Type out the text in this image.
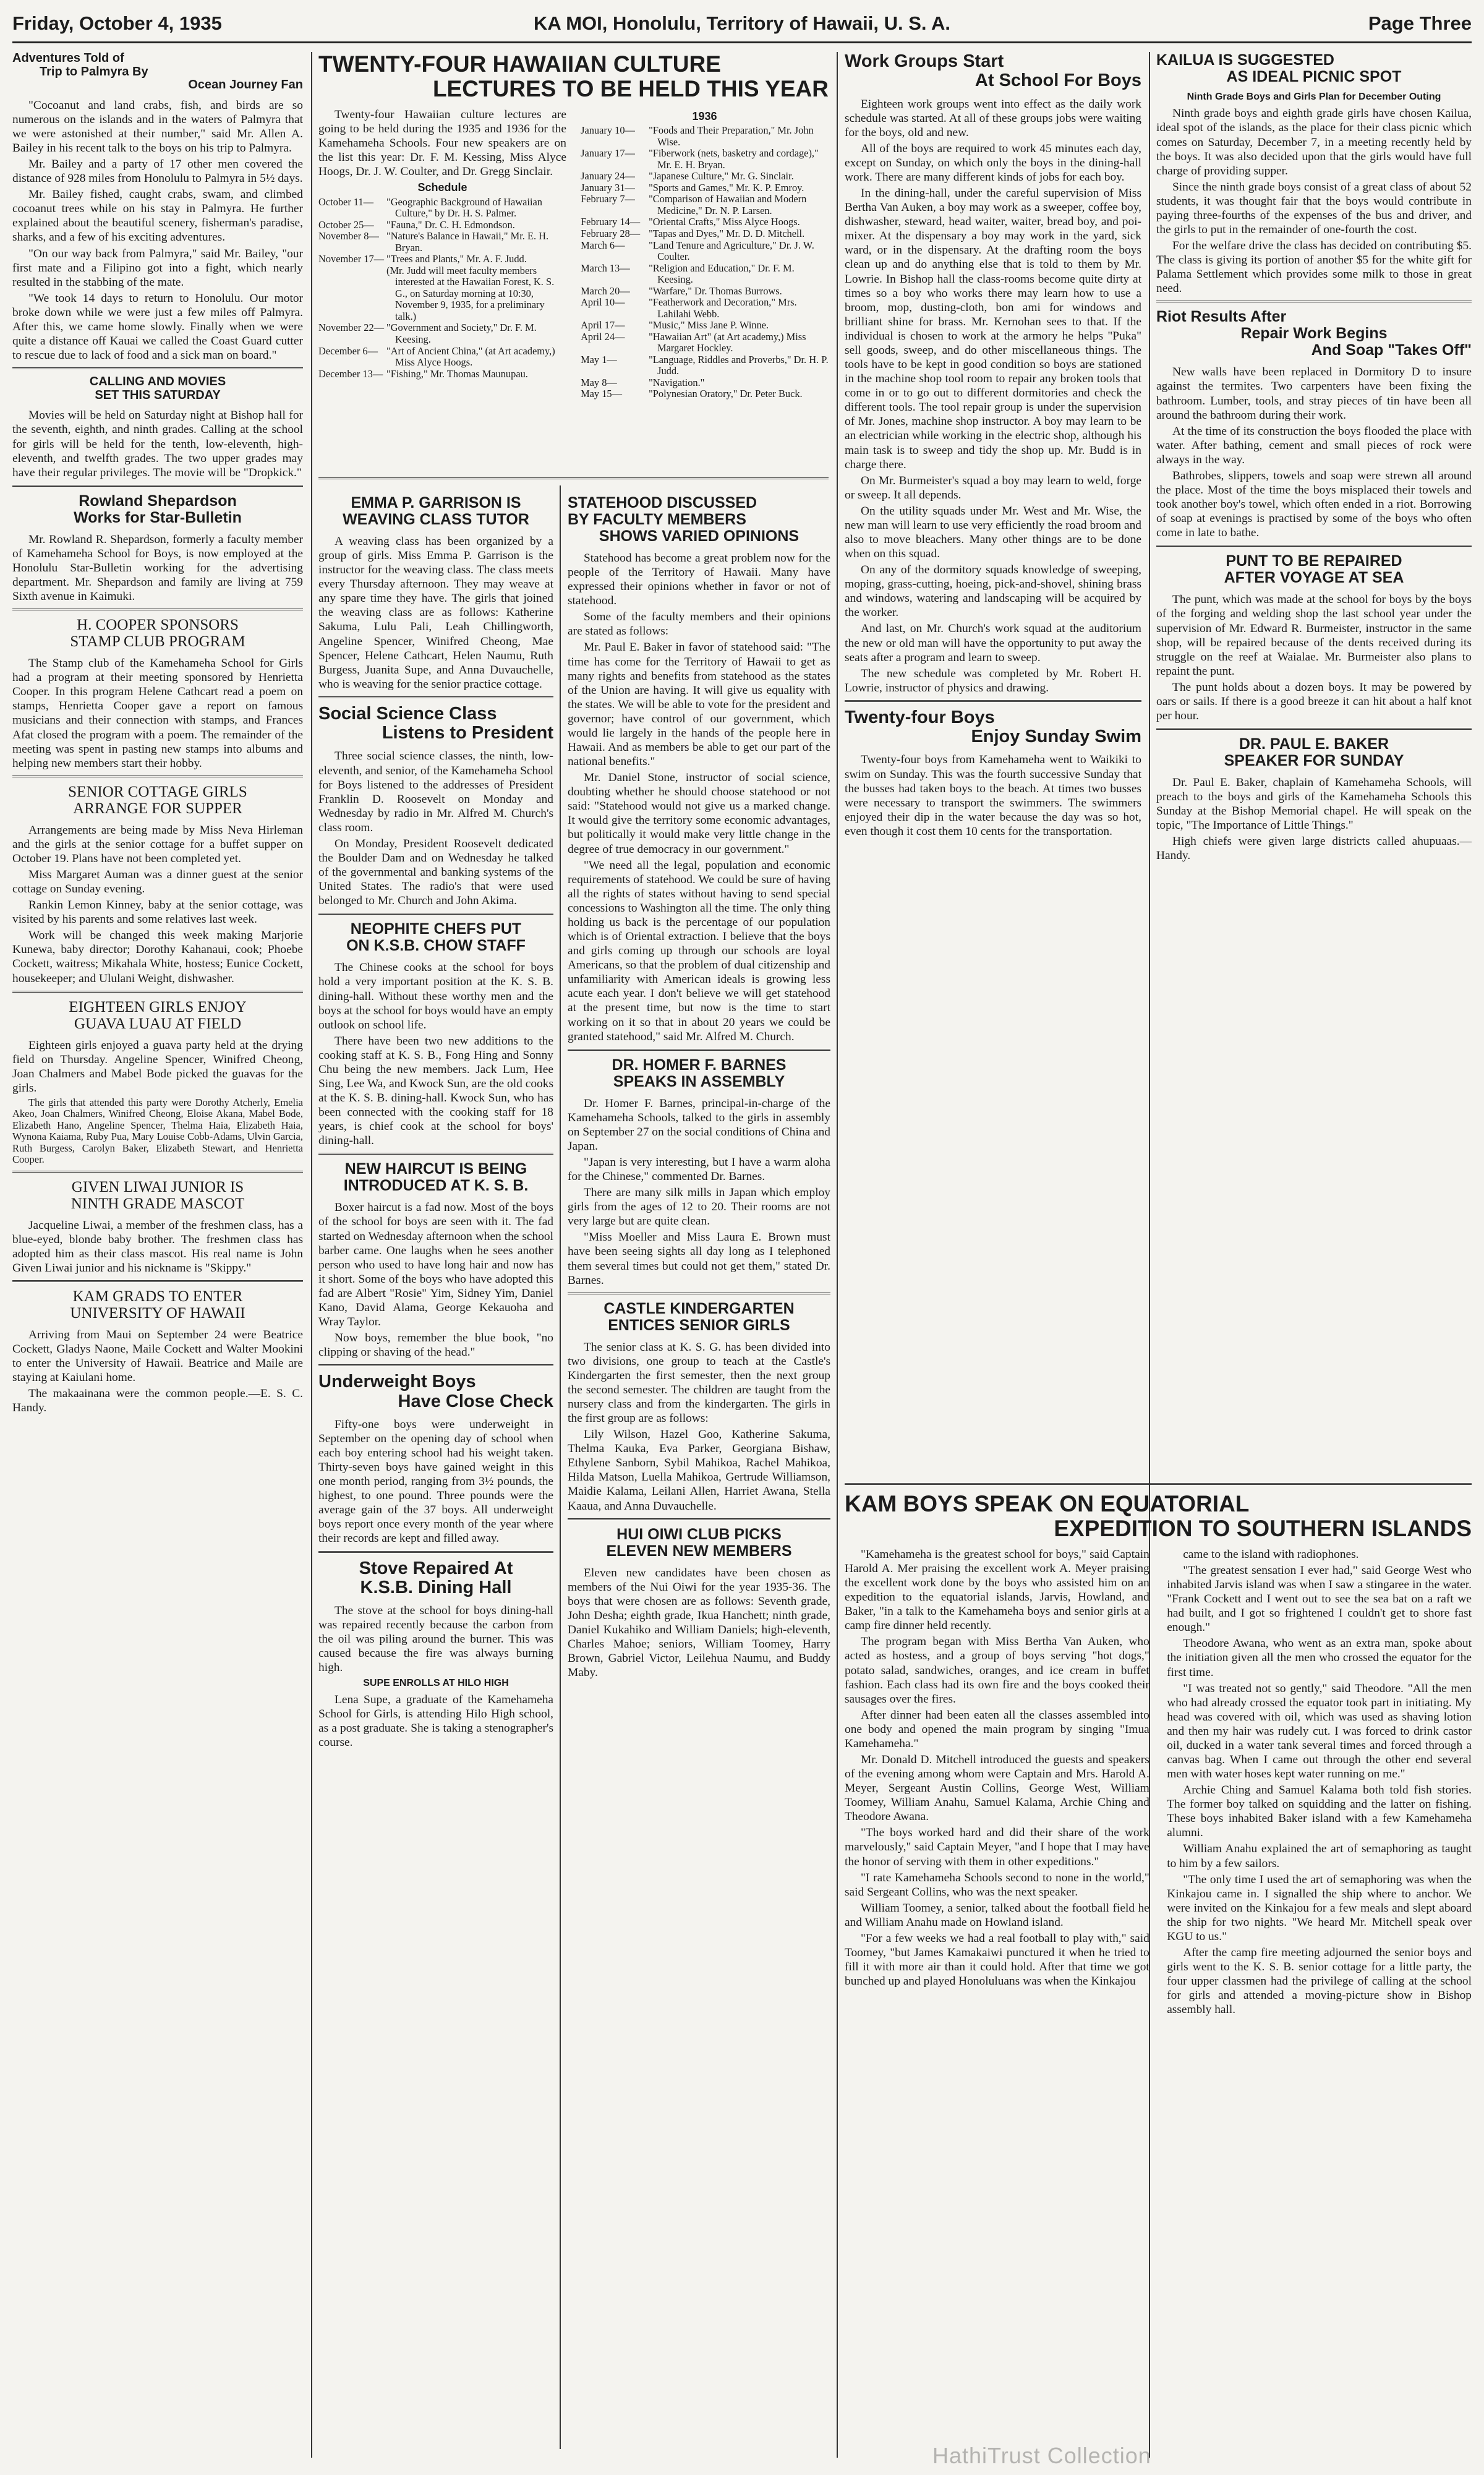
Friday, October 4, 1935	KA MOI, Honolulu, Territory of Hawaii, U. S. A.	Page Three
Adventures Told of
Trip to Palmyra By
Ocean Journey Fan

"Cocoanut and land crabs, fish, and birds are so numerous on the islands and in the waters of Palmyra that we were astonished at their number," said Mr. Allen A. Bailey in his recent talk to the boys on his trip to Palmyra.

Mr. Bailey and a party of 17 other men covered the distance of 928 miles from Honolulu to Palmyra in 5½ days.

Mr. Bailey fished, caught crabs, swam, and climbed cocoanut trees while on his stay in Palmyra. He further explained about the beautiful scenery, fisherman's paradise, sharks, and a few of his exciting adventures.

"On our way back from Palmyra," said Mr. Bailey, "our first mate and a Filipino got into a fight, which nearly resulted in the stabbing of the mate.

"We took 14 days to return to Honolulu. Our motor broke down while we were just a few miles off Palmyra. After this, we came home slowly. Finally when we were quite a distance off Kauai we called the Coast Guard cutter to rescue due to lack of food and a sick man on board."

CALLING AND MOVIES
SET THIS SATURDAY

Movies will be held on Saturday night at Bishop hall for the seventh, eighth, and ninth grades. Calling at the school for girls will be held for the tenth, low-eleventh, high- eleventh, and twelfth grades. The two upper grades may have their regular privileges. The movie will be "Dropkick."

Rowland Shepardson
Works for Star-Bulletin

Mr. Rowland R. Shepardson, formerly a faculty member of Kamehameha School for Boys, is now employed at the Honolulu Star-Bulletin working for the advertising department. Mr. Shepardson and family are living at 759 Sixth avenue in Kaimuki.

H. COOPER SPONSORS
STAMP CLUB PROGRAM

The Stamp club of the Kamehameha School for Girls had a program at their meeting sponsored by Henrietta Cooper. In this program Helene Cathcart read a poem on stamps, Henrietta Cooper gave a report on famous musicians and their connection with stamps, and Frances Afat closed the program with a poem. The remainder of the meeting was spent in pasting new stamps into albums and helping new members start their hobby.

SENIOR COTTAGE GIRLS
ARRANGE FOR SUPPER

Arrangements are being made by Miss Neva Hirleman and the girls at the senior cottage for a buffet supper on October 19. Plans have not been completed yet.

Miss Margaret Auman was a dinner guest at the senior cottage on Sunday evening.

Rankin Lemon Kinney, baby at the senior cottage, was visited by his parents and some relatives last week.

Work will be changed this week making Marjorie Kunewa, baby director; Dorothy Kahanaui, cook; Phoebe Cockett, waitress; Mikahala White, hostess; Eunice Cockett, housekeeper; and Ululani Weight, dishwasher.

EIGHTEEN GIRLS ENJOY
GUAVA LUAU AT FIELD

Eighteen girls enjoyed a guava party held at the drying field on Thursday. Angeline Spencer, Winifred Cheong, Joan Chalmers and Mabel Bode picked the guavas for the girls.

The girls that attended this party were Dorothy Atcherly, Emelia Akeo, Joan Chalmers, Winifred Cheong, Eloise Akana, Mabel Bode, Elizabeth Hano, Angeline Spencer, Thelma Haia, Elizabeth Haia, Wynona Kaiama, Ruby Pua, Mary Louise Cobb-Adams, Ulvin Garcia, Ruth Burgess, Carolyn Baker, Elizabeth Stewart, and Henrietta Cooper.

GIVEN LIWAI JUNIOR IS
NINTH GRADE MASCOT

Jacqueline Liwai, a member of the freshmen class, has a blue-eyed, blonde baby brother. The freshmen class has adopted him as their class mascot. His real name is John Given Liwai junior and his nickname is "Skippy."

KAM GRADS TO ENTER
UNIVERSITY OF HAWAII

Arriving from Maui on September 24 were Beatrice Cockett, Gladys Naone, Maile Cockett and Walter Mookini to enter the University of Hawaii. Beatrice and Maile are staying at Kaiulani home.

The makaainana were the common people.—E. S. C. Handy.

TWENTY-FOUR HAWAIIAN CULTURE
LECTURES TO BE HELD THIS YEAR

Twenty-four Hawaiian culture lectures are going to be held during the 1935 and 1936 for the Kamehameha Schools. Four new speakers are on the list this year: Dr. F. M. Kessing, Miss Alyce Hoogs, Dr. J. W. Coulter, and Dr. Gregg Sinclair.

Schedule
October 11—	"Geographic Background of Hawaiian Culture," by Dr. H. S. Palmer.
October 25—	"Fauna," Dr. C. H. Edmondson.
November 8— "Nature's Balance in Hawaii," Mr. E. H. Bryan.
November 17— "Trees and Plants," Mr. A. F. Judd.
(Mr. Judd will meet faculty members interested at the Hawaiian Forest, K. S. G., on Saturday morning at 10:30, November 9, 1935, for a preliminary talk.)
November 22— "Government and Society," Dr. F. M. Keesing.
December 6— "Art of Ancient China," (at Art academy,) Miss Alyce Hoogs.
December 13— "Fishing," Mr. Thomas Maunupau.
1936
January 10—	"Foods and Their Preparation," Mr. John Wise.
January 17—	"Fiberwork (nets, basketry and cordage)," Mr. E. H. Bryan.
January 24—	"Japanese Culture," Mr. G. Sinclair.
January 31—	"Sports and Games," Mr. K. P. Emroy.
February 7—	"Comparison of Hawaiian and Modern Medicine," Dr. N. P. Larsen.
February 14— "Oriental Crafts," Miss Alyce Hoogs.
February 28— "Tapas and Dyes," Mr. D. D. Mitchell.
March 6—	"Land Tenure and Agriculture," Dr. J. W. Coulter.
March 13—	"Religion and Education," Dr. F. M. Keesing.
March 20—	"Warfare," Dr. Thomas Burrows.
April 10—	"Featherwork and Decoration," Mrs. Lahilahi Webb.
April 17—	"Music," Miss Jane P. Winne.
April 24—	"Hawaiian Art" (at Art academy,) Miss Margaret Hockley.
May 1—	"Language, Riddles and Proverbs," Dr. H. P. Judd.
May 8—	"Navigation."
May 15—	"Polynesian Oratory," Dr. Peter Buck.
EMMA P. GARRISON IS
WEAVING CLASS TUTOR

A weaving class has been organized by a group of girls. Miss Emma P. Garrison is the instructor for the weaving class. The class meets every Thursday afternoon. They may weave at any spare time they have. The girls that joined the weaving class are as follows: Katherine Sakuma, Lulu Pali, Leah Chillingworth, Angeline Spencer, Winifred Cheong, Mae Spencer, Helene Cathcart, Helen Naumu, Ruth Burgess, Juanita Supe, and Anna Duvauchelle, who is weaving for the senior practice cottage.

Social Science Class
Listens to President

Three social science classes, the ninth, low-eleventh, and senior, of the Kamehameha School for Boys listened to the addresses of President Franklin D. Roosevelt on Monday and Wednesday by radio in Mr. Alfred M. Church's class room.

On Monday, President Roosevelt dedicated the Boulder Dam and on Wednesday he talked of the governmental and banking systems of the United States. The radio's that were used belonged to Mr. Church and John Akima.

NEOPHITE CHEFS PUT
ON K.S.B. CHOW STAFF

The Chinese cooks at the school for boys hold a very important position at the K. S. B. dining-hall. Without these worthy men and the boys at the school for boys would have an empty outlook on school life.

There have been two new additions to the cooking staff at K. S. B., Fong Hing and Sonny Chu being the new members. Jack Lum, Hee Sing, Lee Wa, and Kwock Sun, are the old cooks at the K. S. B. dining-hall. Kwock Sun, who has been connected with the cooking staff for 18 years, is chief cook at the school for boys' dining-hall.

NEW HAIRCUT IS BEING
INTRODUCED AT K. S. B.

Boxer haircut is a fad now. Most of the boys of the school for boys are seen with it. The fad started on Wednesday afternoon when the school barber came. One laughs when he sees another person who used to have long hair and now has it short. Some of the boys who have adopted this fad are Albert "Rosie" Yim, Sidney Yim, Daniel Kano, David Alama, George Kekauoha and Wray Taylor.

Now boys, remember the blue book, "no clipping or shaving of the head."

Underweight Boys
Have Close Check

Fifty-one boys were underweight in September on the opening day of school when each boy entering school had his weight taken. Thirty-seven boys have gained weight in this one month period, ranging from 3½ pounds, the highest, to one pound. Three pounds were the average gain of the 37 boys. All underweight boys report once every month of the year where their records are kept and filled away.

Stove Repaired At
K.S.B. Dining Hall

The stove at the school for boys dining-hall was repaired recently because the carbon from the oil was piling around the burner. This was caused because the fire was always burning high.

SUPE ENROLLS AT HILO HIGH

Lena Supe, a graduate of the Kamehameha School for Girls, is attending Hilo High school, as a post graduate. She is taking a stenographer's course.

STATEHOOD DISCUSSED
BY FACULTY MEMBERS
SHOWS VARIED OPINIONS

Statehood has become a great problem now for the people of the Territory of Hawaii. Many have expressed their opinions whether in favor or not of statehood.

Some of the faculty members and their opinions are stated as follows:

Mr. Paul E. Baker in favor of statehood said: "The time has come for the Territory of Hawaii to get as many rights and benefits from statehood as the states of the Union are having. It will give us equality with the states. We will be able to vote for the president and governor; have control of our government, which would lie largely in the hands of the people here in Hawaii. And as members be able to get our part of the national benefits."

Mr. Daniel Stone, instructor of social science, doubting whether he should choose statehood or not said: "Statehood would not give us a marked change. It would give the territory some economic advantages, but politically it would make very little change in the degree of true democracy in our government."

"We need all the legal, population and economic requirements of statehood. We could be sure of having all the rights of states without having to send special concessions to Washington all the time. The only thing holding us back is the percentage of our population which is of Oriental extraction. I believe that the boys and girls coming up through our schools are loyal Americans, so that the problem of dual citizenship and unfamiliarity with American ideals is growing less acute each year. I don't believe we will get statehood at the present time, but now is the time to start working on it so that in about 20 years we could be granted statehood," said Mr. Alfred M. Church.

DR. HOMER F. BARNES
SPEAKS IN ASSEMBLY

Dr. Homer F. Barnes, principal-in-charge of the Kamehameha Schools, talked to the girls in assembly on September 27 on the social conditions of China and Japan.

"Japan is very interesting, but I have a warm aloha for the Chinese," commented Dr. Barnes.

There are many silk mills in Japan which employ girls from the ages of 12 to 20. Their rooms are not very large but are quite clean.

"Miss Moeller and Miss Laura E. Brown must have been seeing sights all day long as I telephoned them several times but could not get them," stated Dr. Barnes.

CASTLE KINDERGARTEN
ENTICES SENIOR GIRLS

The senior class at K. S. G. has been divided into two divisions, one group to teach at the Castle's Kindergarten the first semester, then the next group the second semester. The children are taught from the nursery class and from the kindergarten. The girls in the first group are as follows:

Lily Wilson, Hazel Goo, Katherine Sakuma, Thelma Kauka, Eva Parker, Georgiana Bishaw, Ethylene Sanborn, Sybil Mahikoa, Rachel Mahikoa, Hilda Matson, Luella Mahikoa, Gertrude Williamson, Maidie Kalama, Leilani Allen, Harriet Awana, Stella Kaaua, and Anna Duvauchelle.

HUI OIWI CLUB PICKS
ELEVEN NEW MEMBERS

Eleven new candidates have been chosen as members of the Nui Oiwi for the year 1935-36. The boys that were chosen are as follows: Seventh grade, John Desha; eighth grade, Ikua Hanchett; ninth grade, Daniel Kukahiko and William Daniels; high-eleventh, Charles Mahoe; seniors, William Toomey, Harry Brown, Gabriel Victor, Leilehua Naumu, and Buddy Maby.

Work Groups Start
At School For Boys

Eighteen work groups went into effect as the daily work schedule was started. At all of these groups jobs were waiting for the boys, old and new.

All of the boys are required to work 45 minutes each day, except on Sunday, on which only the boys in the dining-hall work. There are many different kinds of jobs for each boy.

In the dining-hall, under the careful supervision of Miss Bertha Van Auken, a boy may work as a sweeper, coffee boy, dishwasher, steward, head waiter, waiter, bread boy, and poi-mixer. At the dispensary a boy may work in the yard, sick ward, or in the dispensary. At the drafting room the boys clean up and do anything else that is told to them by Mr. Lowrie. In Bishop hall the class-rooms become quite dirty at times so a boy who works there may learn how to use a broom, mop, dusting-cloth, bon ami for windows and brilliant shine for brass. Mr. Kernohan sees to that. If the individual is chosen to work at the armory he helps "Puka" sell goods, sweep, and do other miscellaneous things. The tools have to be kept in good condition so boys are stationed in the machine shop tool room to repair any broken tools that come in or to go out to different dormitories and check the different tools. The tool repair group is under the supervision of Mr. Jones, machine shop instructor. A boy may learn to be an electrician while working in the electric shop, although his main task is to sweep and tidy the shop up. Mr. Budd is in charge there.

On Mr. Burmeister's squad a boy may learn to weld, forge or sweep. It all depends.

On the utility squads under Mr. West and Mr. Wise, the new man will learn to use very efficiently the road broom and also to move bleachers. Many other things are to be done when on this squad.

On any of the dormitory squads knowledge of sweeping, moping, grass-cutting, hoeing, pick-and-shovel, shining brass and windows, watering and landscaping will be acquired by the worker.

And last, on Mr. Church's work squad at the auditorium the new or old man will have the opportunity to put away the seats after a program and learn to sweep.

The new schedule was completed by Mr. Robert H. Lowrie, instructor of physics and drawing.

Twenty-four Boys
Enjoy Sunday Swim

Twenty-four boys from Kamehameha went to Waikiki to swim on Sunday. This was the fourth successive Sunday that the busses had taken boys to the beach. At times two busses were necessary to transport the swimmers. The swimmers enjoyed their dip in the water because the day was so hot, even though it cost them 10 cents for the transportation.

KAILUA IS SUGGESTED
AS IDEAL PICNIC SPOT
Ninth Grade Boys and Girls Plan for December Outing

Ninth grade boys and eighth grade girls have chosen Kailua, ideal spot of the islands, as the place for their class picnic which comes on Saturday, December 7, in a meeting recently held by the boys. It was also decided upon that the girls would have full charge of providing supper.

Since the ninth grade boys consist of a great class of about 52 students, it was thought fair that the boys would contribute in paying three-fourths of the expenses of the bus and driver, and the girls to put in the remainder of one-fourth the cost.

For the welfare drive the class has decided on contributing $5. The class is giving its portion of another $5 for the white gift for Palama Settlement which provides some milk to those in great need.

Riot Results After
Repair Work Begins
And Soap "Takes Off"

New walls have been replaced in Dormitory D to insure against the termites. Two carpenters have been fixing the bathroom. Lumber, tools, and stray pieces of tin have been all around the bathroom during their work.

At the time of its construction the boys flooded the place with water. After bathing, cement and small pieces of rock were always in the way.

Bathrobes, slippers, towels and soap were strewn all around the place. Most of the time the boys misplaced their towels and took another boy's towel, which often ended in a riot. Borrowing of soap at evenings is practised by some of the boys who often come in late to bathe.

PUNT TO BE REPAIRED
AFTER VOYAGE AT SEA

The punt, which was made at the school for boys by the boys of the forging and welding shop the last school year under the supervision of Mr. Edward R. Burmeister, instructor in the same shop, will be repaired because of the dents received during its struggle on the reef at Waialae. Mr. Burmeister also plans to repaint the punt.

The punt holds about a dozen boys. It may be powered by oars or sails. If there is a good breeze it can hit about a half knot per hour.

DR. PAUL E. BAKER
SPEAKER FOR SUNDAY

Dr. Paul E. Baker, chaplain of Kamehameha Schools, will preach to the boys and girls of the Kamehameha Schools this Sunday at the Bishop Memorial chapel. He will speak on the topic, "The Importance of Little Things."

High chiefs were given large districts called ahupuaas.—Handy.

KAM BOYS SPEAK ON EQUATORIAL
EXPEDITION TO SOUTHERN ISLANDS

"Kamehameha is the greatest school for boys," said Captain Harold A. Mer praising the excellent work A. Meyer praising the excellent work done by the boys who assisted him on an expedition to the equatorial islands, Jarvis, Howland, and Baker, "in a talk to the Kamehameha boys and senior girls at a camp fire dinner held recently.

The program began with Miss Bertha Van Auken, who acted as hostess, and a group of boys serving "hot dogs," potato salad, sandwiches, oranges, and ice cream in buffet fashion. Each class had its own fire and the boys cooked their sausages over the fires.

After dinner had been eaten all the classes assembled into one body and opened the main program by singing "Imua Kamehameha."

Mr. Donald D. Mitchell introduced the guests and speakers of the evening among whom were Captain and Mrs. Harold A. Meyer, Sergeant Austin Collins, George West, William Toomey, William Anahu, Samuel Kalama, Archie Ching and Theodore Awana.

"The boys worked hard and did their share of the work marvelously," said Captain Meyer, "and I hope that I may have the honor of serving with them in other expeditions."

"I rate Kamehameha Schools second to none in the world," said Sergeant Collins, who was the next speaker.

William Toomey, a senior, talked about the football field he and William Anahu made on Howland island.

"For a few weeks we had a real football to play with," said Toomey, "but James Kamakaiwi punctured it when he tried to fill it with more air than it could hold. After that time we got bunched up and played Honoluluans was when the Kinkajou

came to the island with radiophones.

"The greatest sensation I ever had," said George West who inhabited Jarvis island was when I saw a stingaree in the water. "Frank Cockett and I went out to see the sea bat on a raft we had built, and I got so frightened I couldn't get to shore fast enough."

Theodore Awana, who went as an extra man, spoke about the initiation given all the men who crossed the equator for the first time.

"I was treated not so gently," said Theodore. "All the men who had already crossed the equator took part in initiating. My head was covered with oil, which was used as shaving lotion and then my hair was rudely cut. I was forced to drink castor oil, ducked in a water tank several times and forced through a canvas bag. When I came out through the other end several men with water hoses kept water running on me."

Archie Ching and Samuel Kalama both told fish stories. The former boy talked on squidding and the latter on fishing. These boys inhabited Baker island with a few Kamehameha alumni.

William Anahu explained the art of semaphoring as taught to him by a few sailors.

"The only time I used the art of semaphoring was when the Kinkajou came in. I signalled the ship where to anchor. We were invited on the Kinkajou for a few meals and slept aboard the ship for two nights. "We heard Mr. Mitchell speak over KGU to us."

After the camp fire meeting adjourned the senior boys and girls went to the K. S. B. senior cottage for a little party, the four upper classmen had the privilege of calling at the school for girls and attended a moving-picture show in Bishop assembly hall.

HathiTrust Collection
